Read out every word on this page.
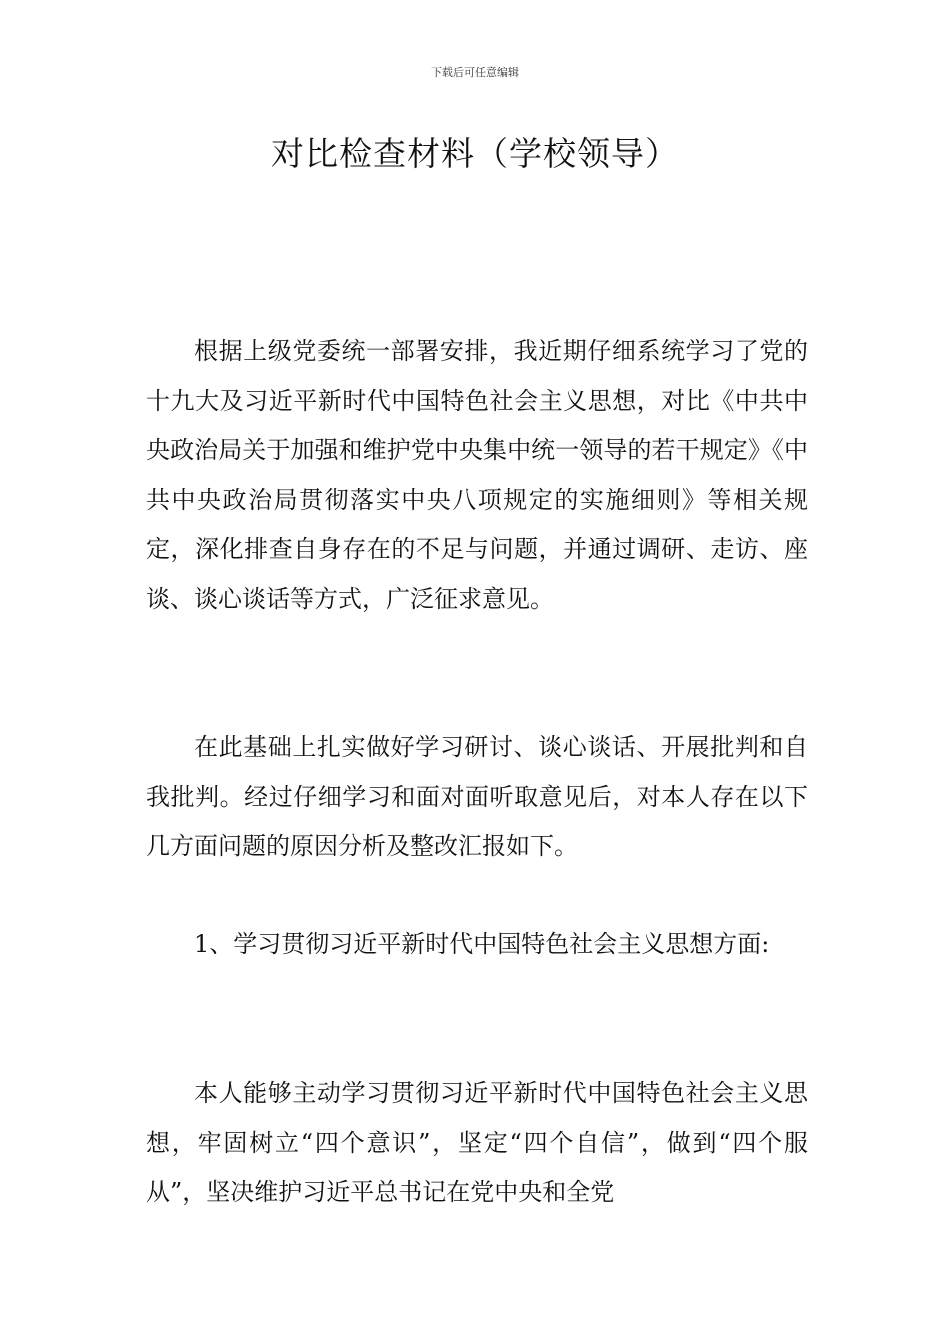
下载后可任意编辑
对比检查材料（学校领导）

根据上级党委统一部署安排，我近期仔细系统学习了党的十九大及习近平新时代中国特色社会主义思想，对比《中共中央政治局关于加强和维护党中央集中统一领导的若干规定》《中共中央政治局贯彻落实中央八项规定的实施细则》等相关规定，深化排查自身存在的不足与问题，并通过调研、走访、座谈、谈心谈话等方式，广泛征求意见。

在此基础上扎实做好学习研讨、谈心谈话、开展批判和自我批判。经过仔细学习和面对面听取意见后，对本人存在以下几方面问题的原因分析及整改汇报如下。

1、学习贯彻习近平新时代中国特色社会主义思想方面:

本人能够主动学习贯彻习近平新时代中国特色社会主义思想，牢固树立“四个意识”，坚定“四个自信”，做到“四个服从”，坚决维护习近平总书记在党中央和全党
